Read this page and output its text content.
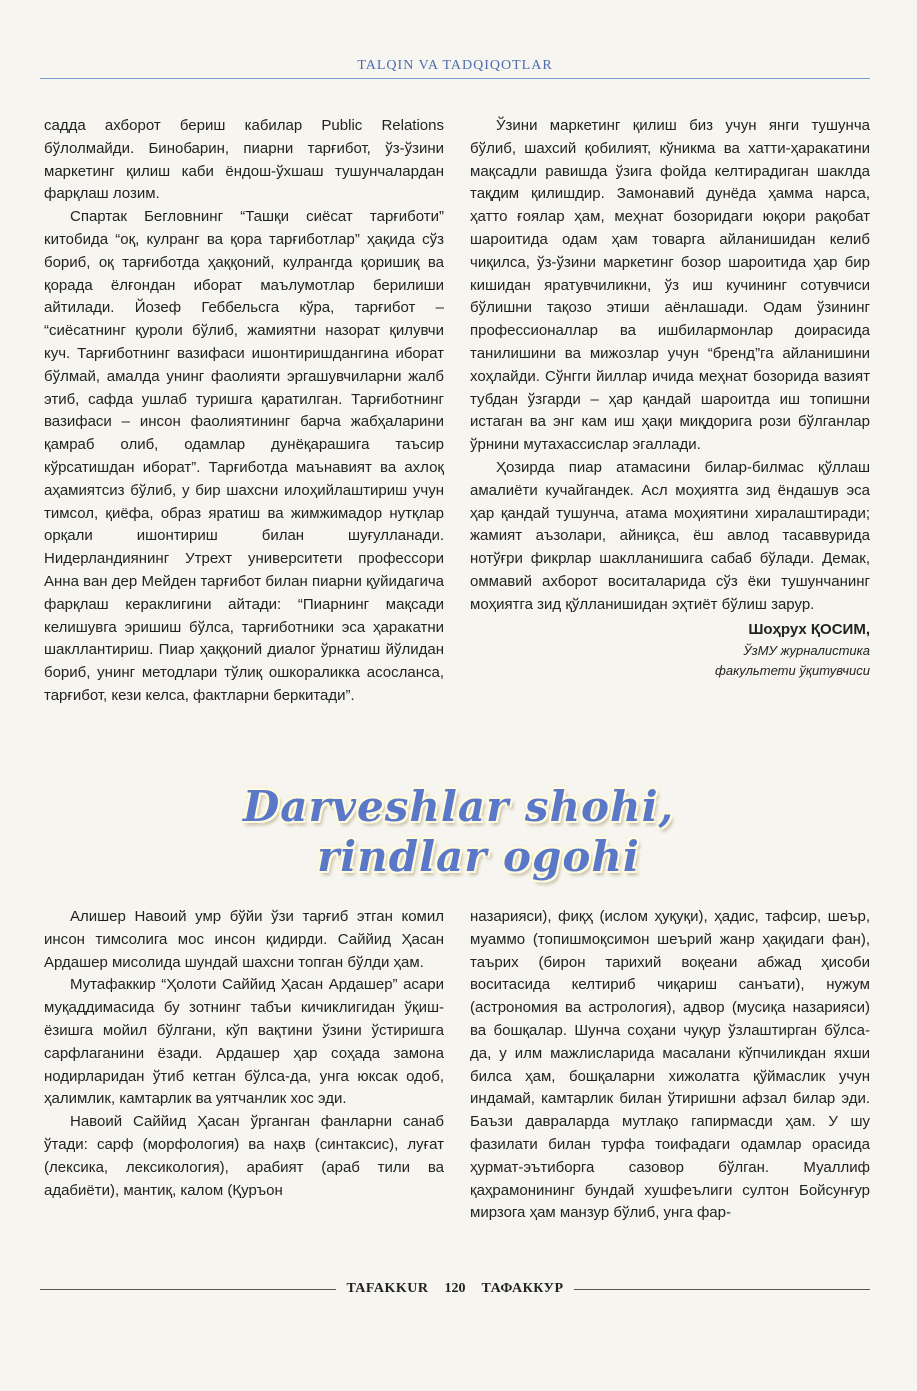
TALQIN VA TADQIQOTLAR

садда ахборот бериш кабилар Public Relations бўлолмайди. Бинобарин, пиарни тарғибот, ўз-ўзини маркетинг қилиш каби ёндош-ўхшаш тушунчалардан фарқлаш лозим.

Спартак Бегловнинг “Ташқи сиёсат тарғиботи” китобида “оқ, кулранг ва қора тарғиботлар” ҳақида сўз бориб, оқ тарғиботда ҳаққоний, кулрангда қоришиқ ва қорада ёлғондан иборат маълумотлар берилиши айтилади. Йозеф Геббельсга кўра, тарғибот – “сиёсатнинг қуроли бўлиб, жамиятни назорат қилувчи куч. Тарғиботнинг вазифаси ишонтиришдангина иборат бўлмай, амалда унинг фаолияти эргашувчиларни жалб этиб, сафда ушлаб туришга қаратилган. Тарғиботнинг вазифаси – инсон фаолиятининг барча жабҳаларини қамраб олиб, одамлар дунёқарашига таъсир кўрсатишдан иборат”. Тарғиботда маънавият ва ахлоқ аҳамиятсиз бўлиб, у бир шахсни илоҳийлаштириш учун тимсол, қиёфа, образ яратиш ва жимжимадор нутқлар орқали ишонтириш билан шуғулланади. Нидерландиянинг Утрехт университети профессори Анна ван дер Мейден тарғибот билан пиарни қуйидагича фарқлаш кераклигини айтади: “Пиарнинг мақсади келишувга эришиш бўлса, тарғиботники эса ҳаракатни шакллантириш. Пиар ҳаққоний диалог ўрнатиш йўлидан бориб, унинг методлари тўлиқ ошкораликка асосланса, тарғибот, кези келса, фактларни беркитади”.

Ўзини маркетинг қилиш биз учун янги тушунча бўлиб, шахсий қобилият, кўникма ва хатти-ҳаракатини мақсадли равишда ўзига фойда келтирадиган шаклда тақдим қилишдир. Замонавий дунёда ҳамма нарса, ҳатто ғоялар ҳам, меҳнат бозоридаги юқори рақобат шароитида одам ҳам товарга айланишидан келиб чиқилса, ўз-ўзини маркетинг бозор шароитида ҳар бир кишидан яратувчиликни, ўз иш кучининг сотувчиси бўлишни тақозо этиши аёнлашади. Одам ўзининг профессионаллар ва ишбилармонлар доирасида танилишини ва мижозлар учун “бренд”га айланишини хоҳлайди. Сўнгги йиллар ичида меҳнат бозорида вазият тубдан ўзгарди – ҳар қандай шароитда иш топишни истаган ва энг кам иш ҳақи миқдорига рози бўлганлар ўрнини мутахассислар эгаллади.

Ҳозирда пиар атамасини билар-билмас қўллаш амалиёти кучайгандек. Асл моҳиятга зид ёндашув эса ҳар қандай тушунча, атама моҳиятини хиралаштиради; жамият аъзолари, айниқса, ёш авлод тасаввурида нотўғри фикрлар шаклланишига сабаб бўлади. Демак, оммавий ахборот воситаларида сўз ёки тушунчанинг моҳиятга зид қўлланишидан эҳтиёт бўлиш зарур.

Шоҳрух ҚОСИМ,
ЎзМУ журналистика
факультети ўқитувчиси
Darveshlar shohi,
rindlar ogohi

Алишер Навоий умр бўйи ўзи тарғиб этган комил инсон тимсолига мос инсон қидирди. Саййид Ҳасан Ардашер мисолида шундай шахсни топган бўлди ҳам.

Мутафаккир “Ҳолоти Саййид Ҳасан Ардашер” асари муқаддимасида бу зотнинг табъи кичиклигидан ўқиш-ёзишга мойил бўлгани, кўп вақтини ўзини ўстиришга сарфлаганини ёзади. Ардашер ҳар соҳада замона нодирларидан ўтиб кетган бўлса-да, унга юксак одоб, ҳалимлик, камтарлик ва уятчанлик хос эди.

Навоий Саййид Ҳасан ўрганган фанларни санаб ўтади: сарф (морфология) ва наҳв (синтаксис), луғат (лексика, лексикология), арабият (араб тили ва адабиёти), мантиқ, калом (Қуръон

назарияси), фиқҳ (ислом ҳуқуқи), ҳадис, тафсир, шеър, муаммо (топишмоқсимон шеърий жанр ҳақидаги фан), таърих (бирон тарихий воқеани абжад ҳисоби воситасида келтириб чиқариш санъати), нужум (астрономия ва астрология), адвор (мусиқа назарияси) ва бошқалар. Шунча соҳани чуқур ўзлаштирган бўлса-да, у илм мажлисларида масалани кўпчиликдан яхши билса ҳам, бошқаларни хижолатга қўймаслик учун индамай, камтарлик билан ўтиришни афзал билар эди. Баъзи давраларда мутлақо гапирмасди ҳам. У шу фазилати билан турфа тоифадаги одамлар орасида ҳурмат-эътиборга сазовор бўлган. Муаллиф қаҳрамонининг бундай хушфеълиги султон Бойсунғур мирзога ҳам манзур бўлиб, унга фар-

TAFAKKUR	120	ТАФАККУР
